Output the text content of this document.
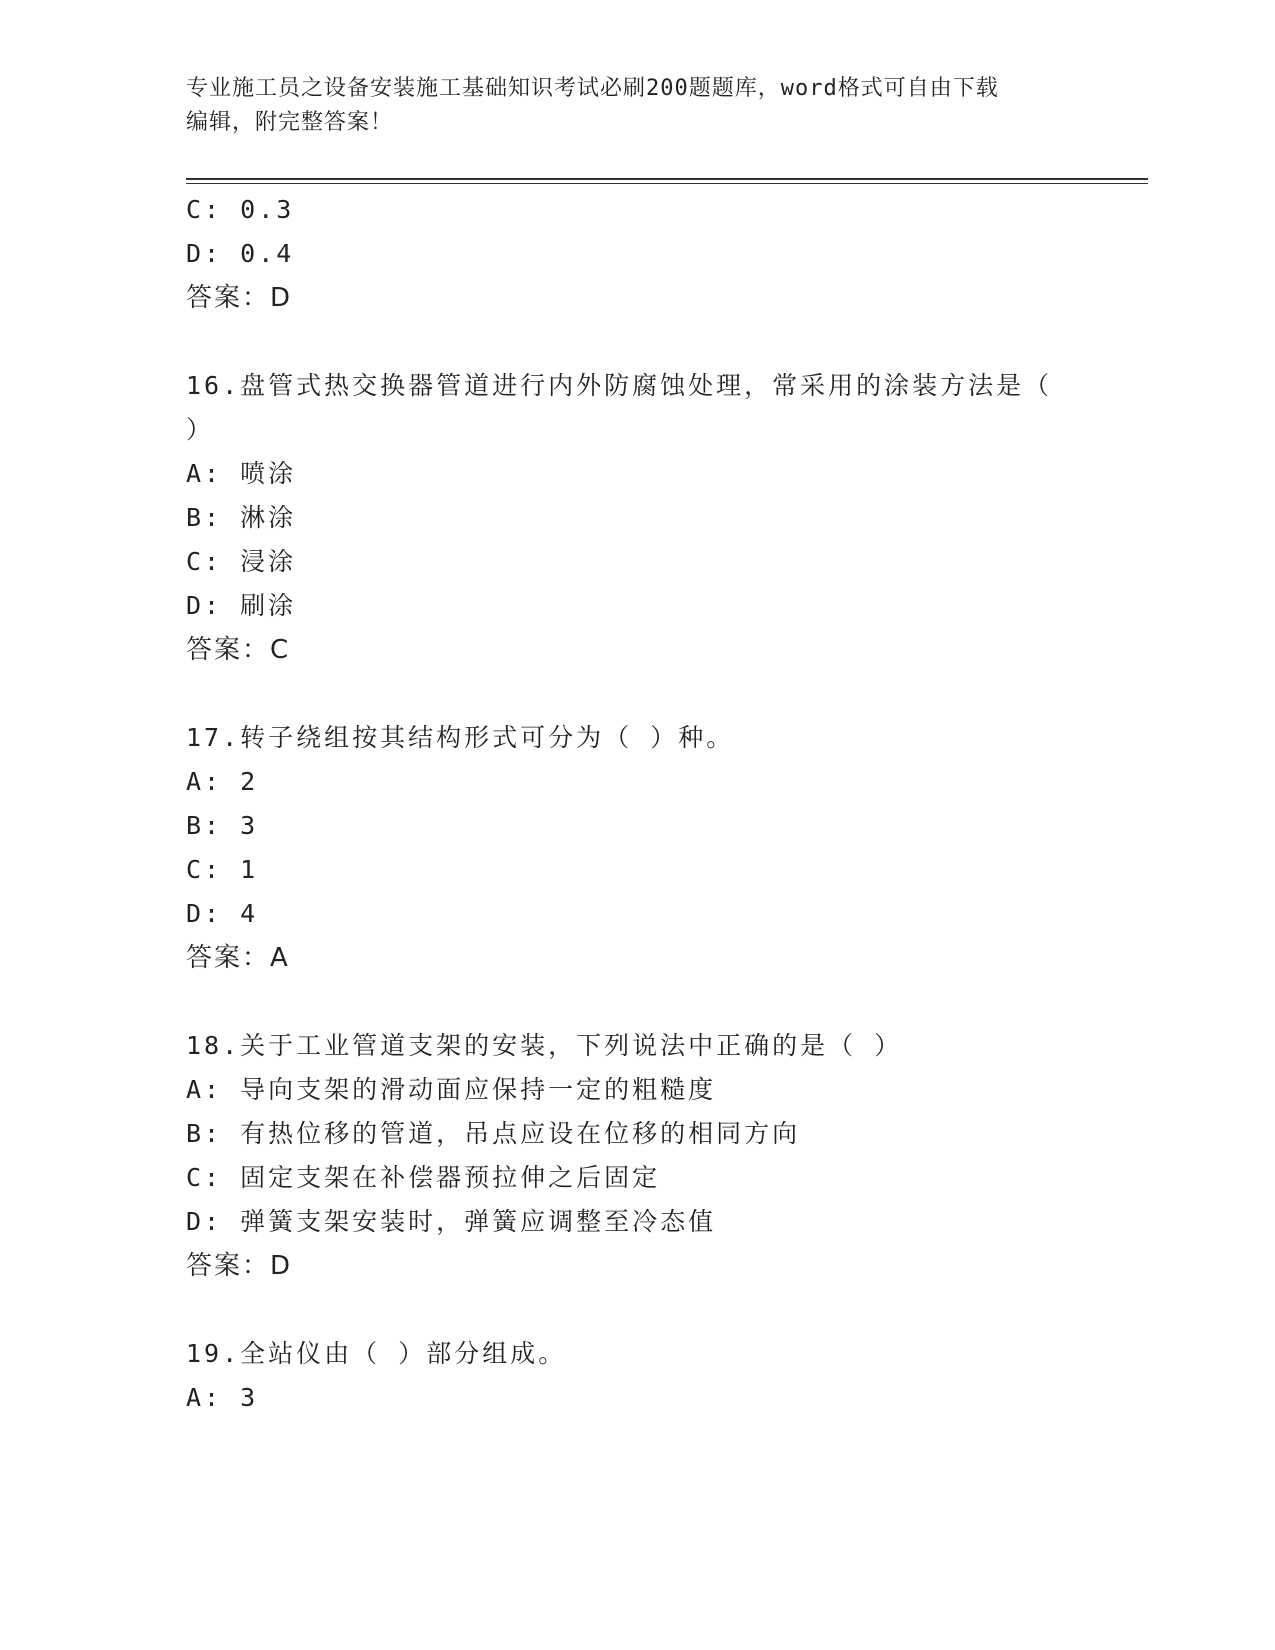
专业施工员之设备安装施工基础知识考试必刷200题题库，word格式可自由下载
编辑，附完整答案！
C: 0.3
D: 0.4
答案：D
16.盘管式热交换器管道进行内外防腐蚀处理，常采用的涂装方法是（
）
A: 喷涂
B: 淋涂
C: 浸涂
D: 刷涂
答案：C
17.转子绕组按其结构形式可分为（ ）种。
A: 2
B: 3
C: 1
D: 4
答案：A
18.关于工业管道支架的安装，下列说法中正确的是（ ）
A: 导向支架的滑动面应保持一定的粗糙度
B: 有热位移的管道，吊点应设在位移的相同方向
C: 固定支架在补偿器预拉伸之后固定
D: 弹簧支架安装时，弹簧应调整至冷态值
答案：D
19.全站仪由（ ）部分组成。
A: 3
